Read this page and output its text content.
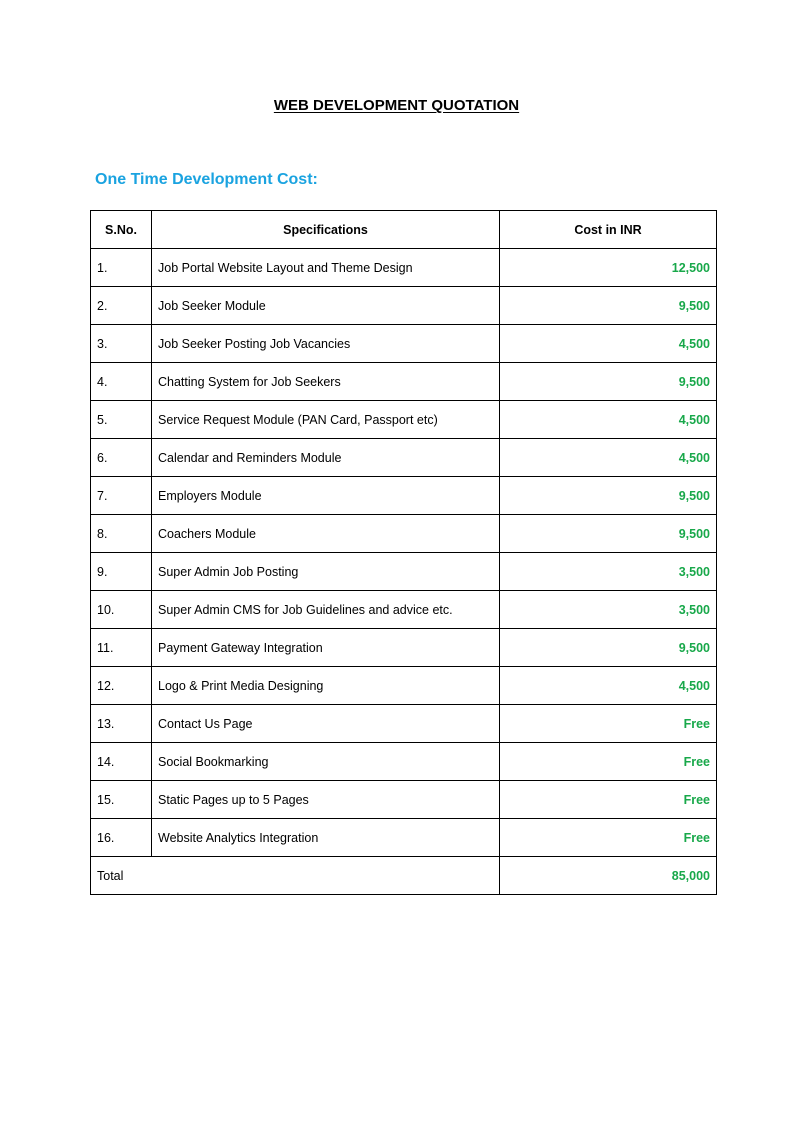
WEB DEVELOPMENT QUOTATION
One Time Development Cost:
S.No.	Specifications	Cost in INR
1.	Job Portal Website Layout and Theme Design	12,500
2.	Job Seeker Module	9,500
3.	Job Seeker Posting Job Vacancies	4,500
4.	Chatting System for Job Seekers	9,500
5.	Service Request Module (PAN Card, Passport etc)	4,500
6.	Calendar and Reminders Module	4,500
7.	Employers Module	9,500
8.	Coachers Module	9,500
9.	Super Admin Job Posting	3,500
10.	Super Admin CMS for Job Guidelines and advice etc.	3,500
11.	Payment Gateway Integration	9,500
12.	Logo & Print Media Designing	4,500
13.	Contact Us Page	Free
14.	Social Bookmarking	Free
15.	Static Pages up to 5 Pages	Free
16.	Website Analytics Integration	Free
Total		85,000
